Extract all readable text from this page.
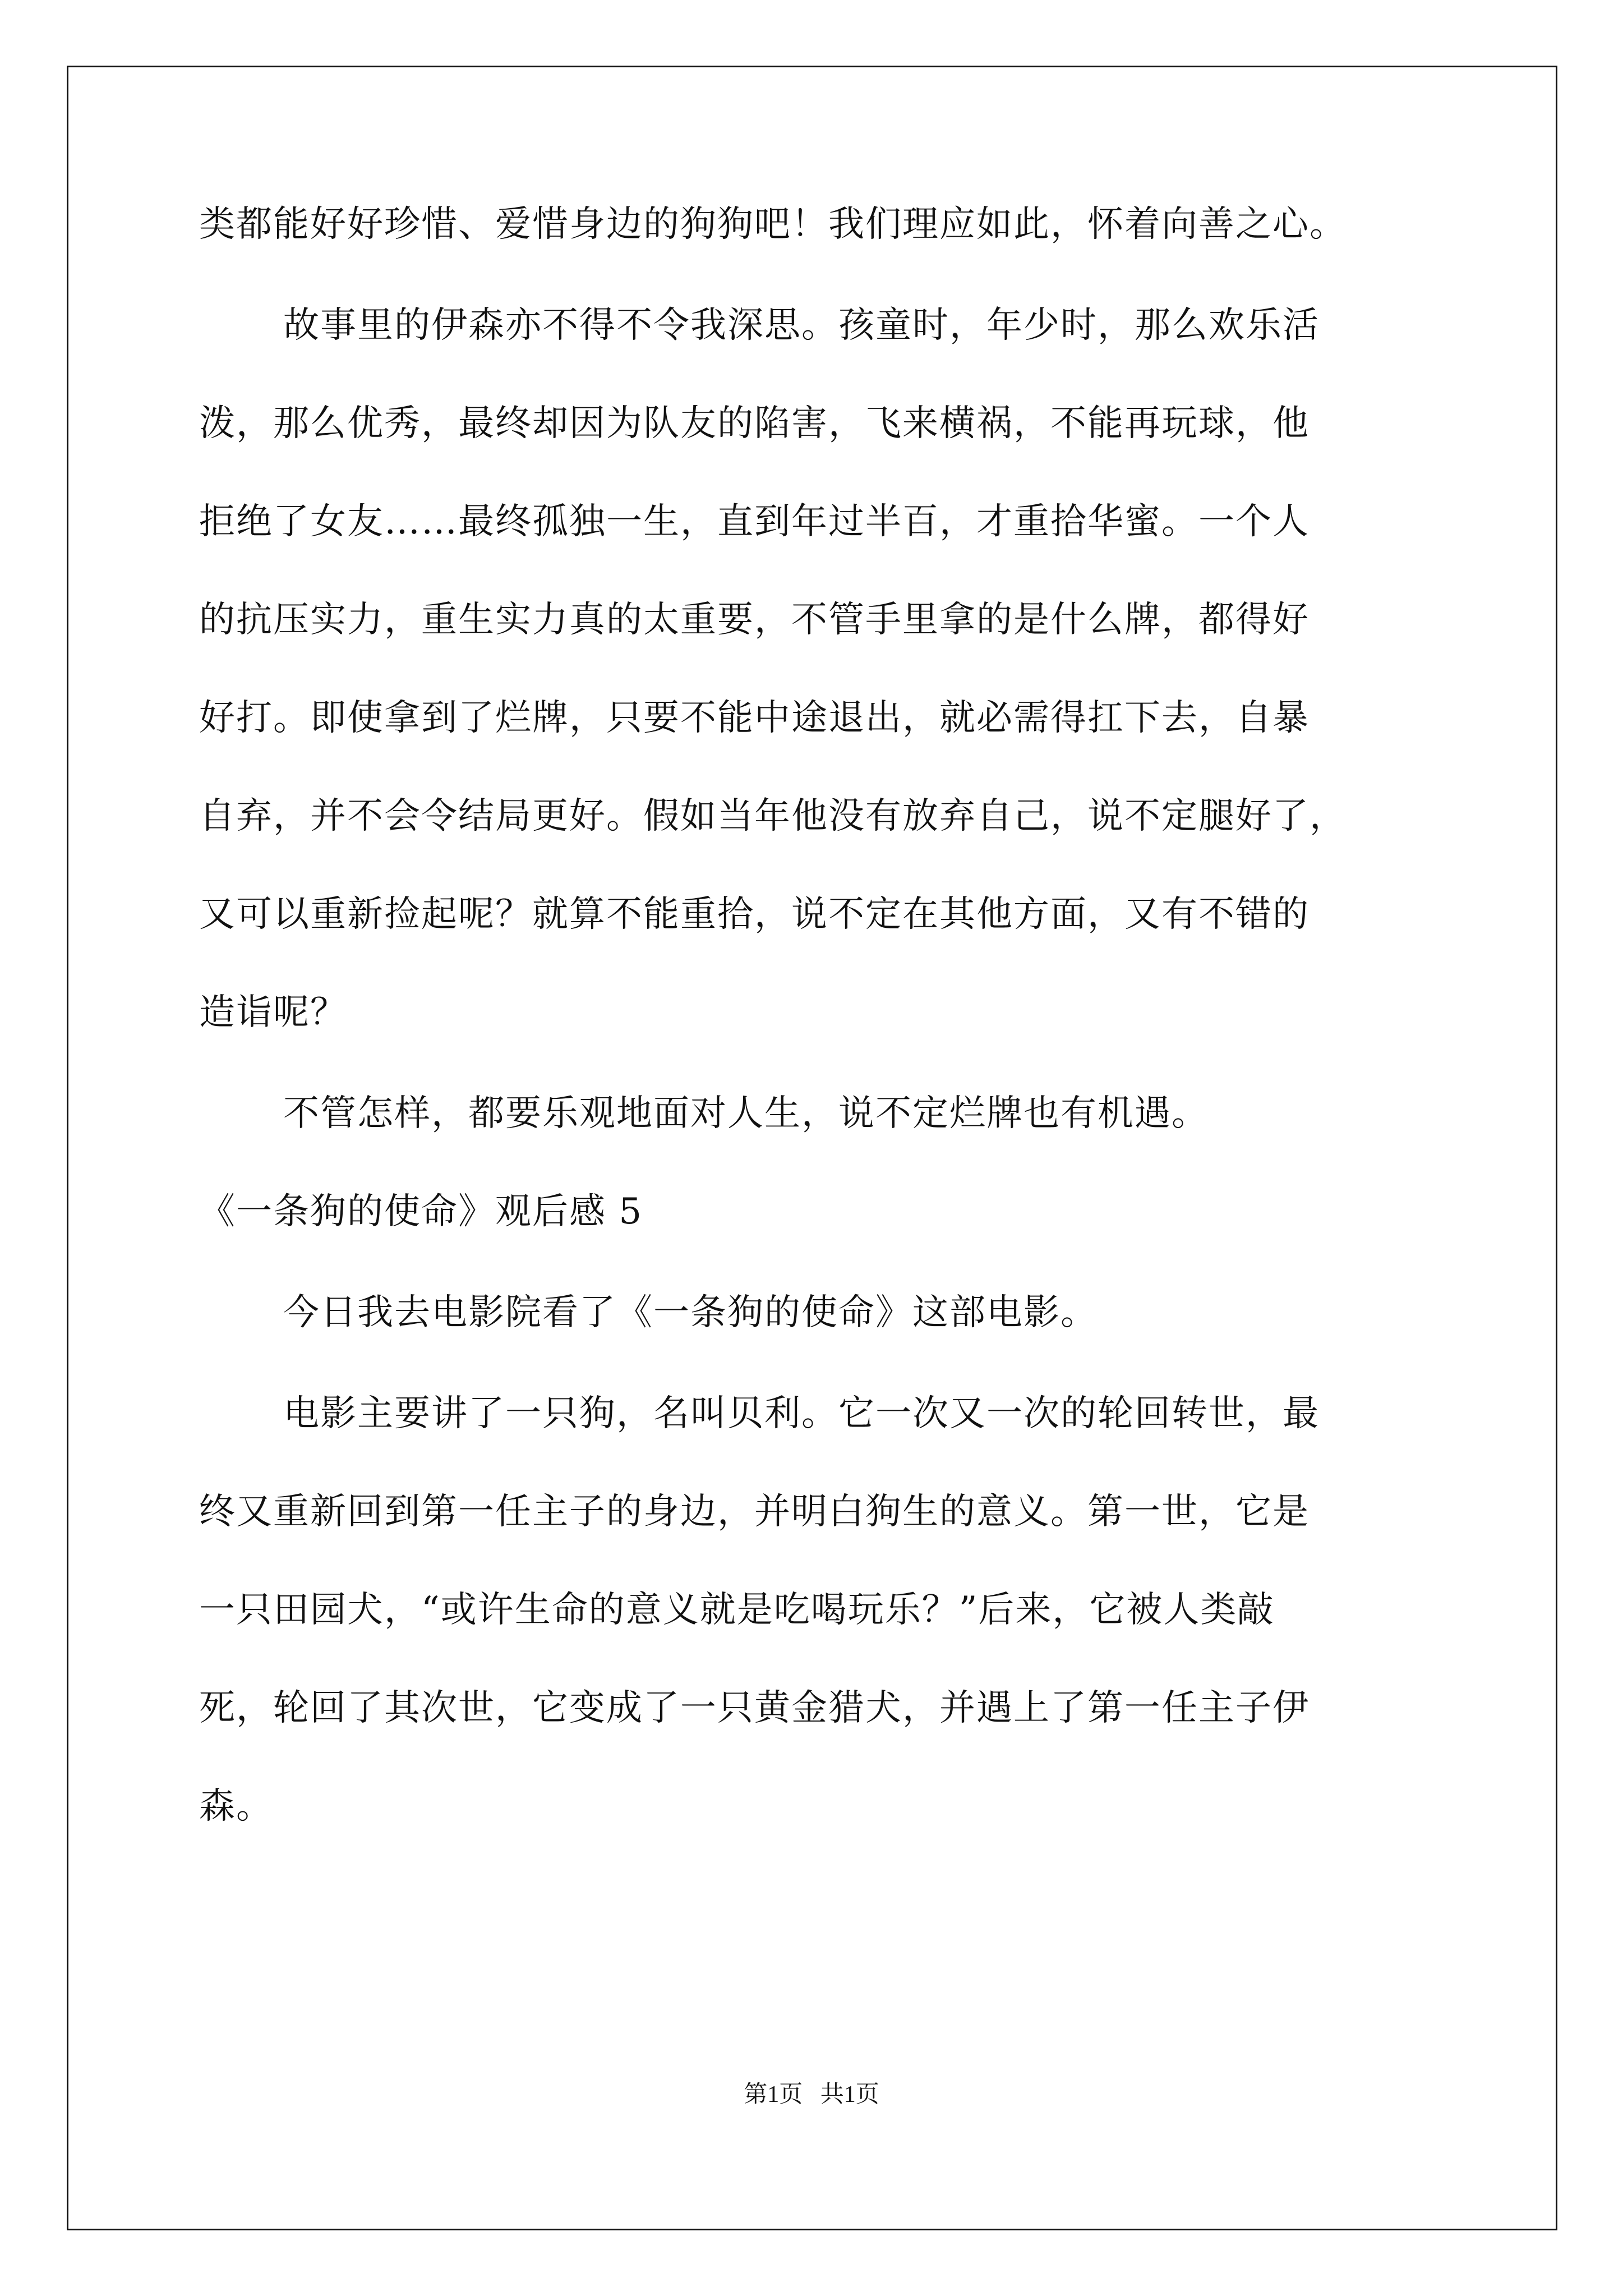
类都能好好珍惜、爱惜身边的狗狗吧！我们理应如此，怀着向善之心。
故事里的伊森亦不得不令我深思。孩童时，年少时，那么欢乐活
泼，那么优秀，最终却因为队友的陷害，飞来横祸，不能再玩球，他
拒绝了女友……最终孤独一生，直到年过半百，才重拾华蜜。一个人
的抗压实力，重生实力真的太重要，不管手里拿的是什么牌，都得好
好打。即使拿到了烂牌，只要不能中途退出，就必需得扛下去，自暴
自弃，并不会令结局更好。假如当年他没有放弃自己，说不定腿好了，
又可以重新捡起呢？就算不能重拾，说不定在其他方面，又有不错的
造诣呢？
不管怎样，都要乐观地面对人生，说不定烂牌也有机遇。
《一条狗的使命》观后感 5
今日我去电影院看了《一条狗的使命》这部电影。
电影主要讲了一只狗，名叫贝利。它一次又一次的轮回转世，最
终又重新回到第一任主子的身边，并明白狗生的意义。第一世，它是
一只田园犬，“或许生命的意义就是吃喝玩乐？”后来，它被人类敲
死，轮回了其次世，它变成了一只黄金猎犬，并遇上了第一任主子伊
森。
第1页   共1页
